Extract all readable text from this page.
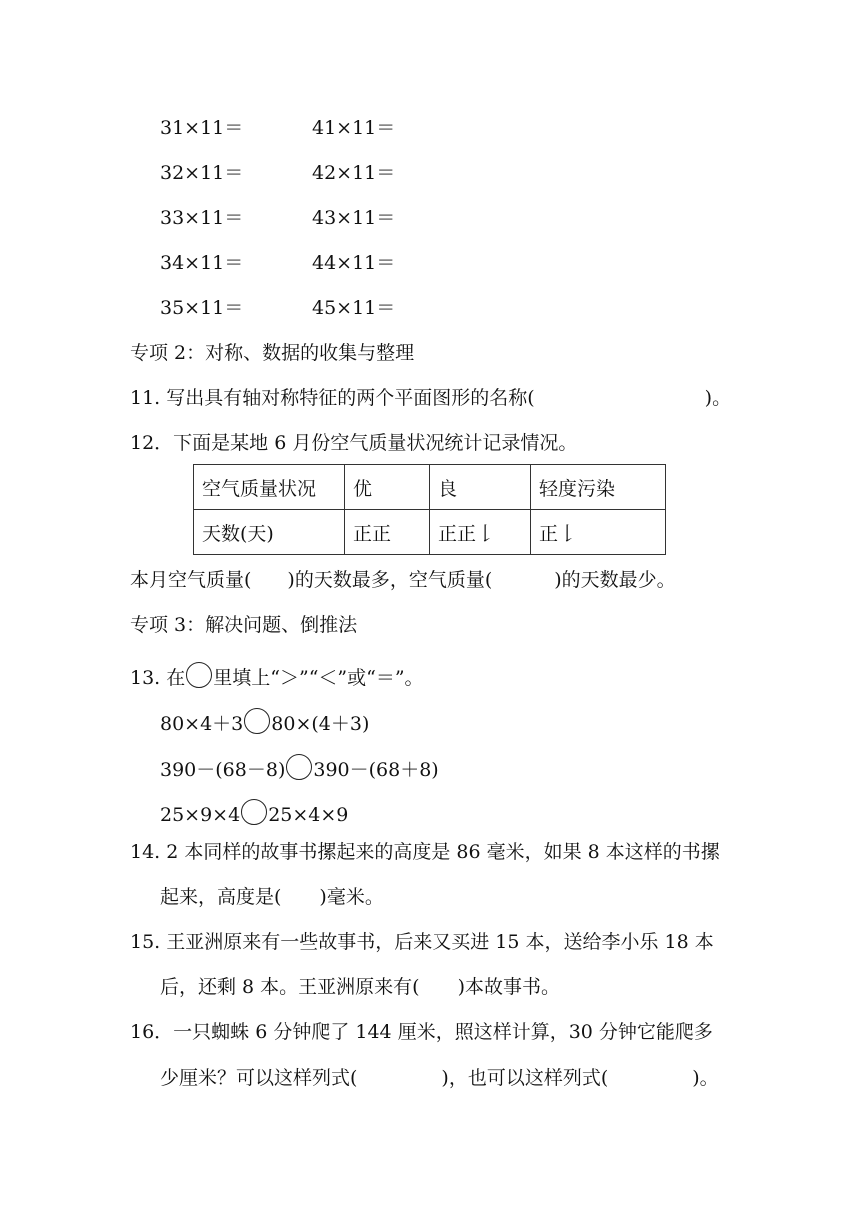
31×11＝	41×11＝
32×11＝	42×11＝
33×11＝	43×11＝
34×11＝	44×11＝
35×11＝	45×11＝
专项 2：对称、数据的收集与整理
11. 写出具有轴对称特征的两个平面图形的名称(	)。
12．下面是某地 6 月份空气质量状况统计记录情况。
空气质量状况	优	良	轻度污染
天数(天)	正正	正正𠄌	正𠄌
本月空气质量( )的天数最多，空气质量(	)的天数最少。
专项 3：解决问题、倒推法
13. 在 里填上“＞”“＜”或“＝”。
80×4＋3 80×(4＋3)
390－(68－8) 390－(68＋8)
25×9×4 25×4×9
14. 2 本同样的故事书摞起来的高度是 86 毫米，如果 8 本这样的书摞
起来，高度是( )毫米。
15. 王亚洲原来有一些故事书，后来又买进 15 本，送给李小乐 18 本
后，还剩 8 本。王亚洲原来有( )本故事书。
16．一只蜘蛛 6 分钟爬了 144 厘米，照这样计算，30 分钟它能爬多
少厘米？可以这样列式(	)，也可以这样列式(	)。
